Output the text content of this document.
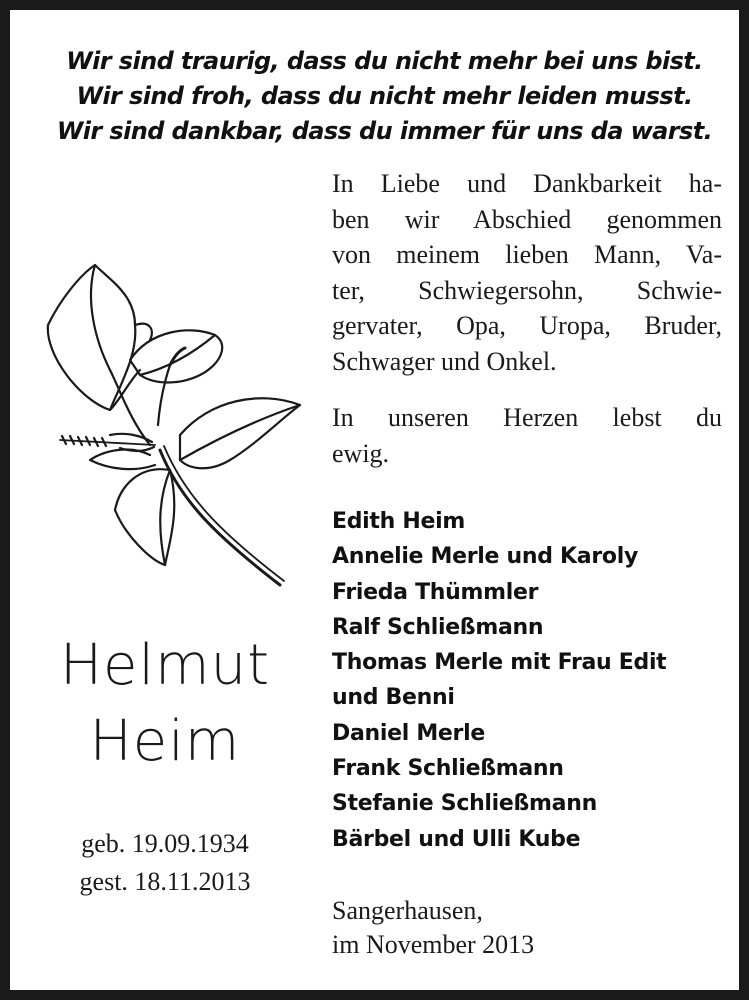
Wir sind traurig, dass du nicht mehr bei uns bist.
Wir sind froh, dass du nicht mehr leiden musst.
Wir sind dankbar, dass du immer für uns da warst.
In Liebe und Dankbarkeit ha-
ben wir Abschied genommen
von meinem lieben Mann, Va-
ter, Schwiegersohn, Schwie-
gervater, Opa, Uropa, Bruder,
Schwager und Onkel.
In unseren Herzen lebst du
ewig.
Helmut
Heim
geb. 19.09.1934
gest. 18.11.2013
Edith Heim
Annelie Merle und Karoly
Frieda Thümmler
Ralf Schließmann
Thomas Merle mit Frau Edit
und Benni
Daniel Merle
Frank Schließmann
Stefanie Schließmann
Bärbel und Ulli Kube
Sangerhausen,
im November 2013
